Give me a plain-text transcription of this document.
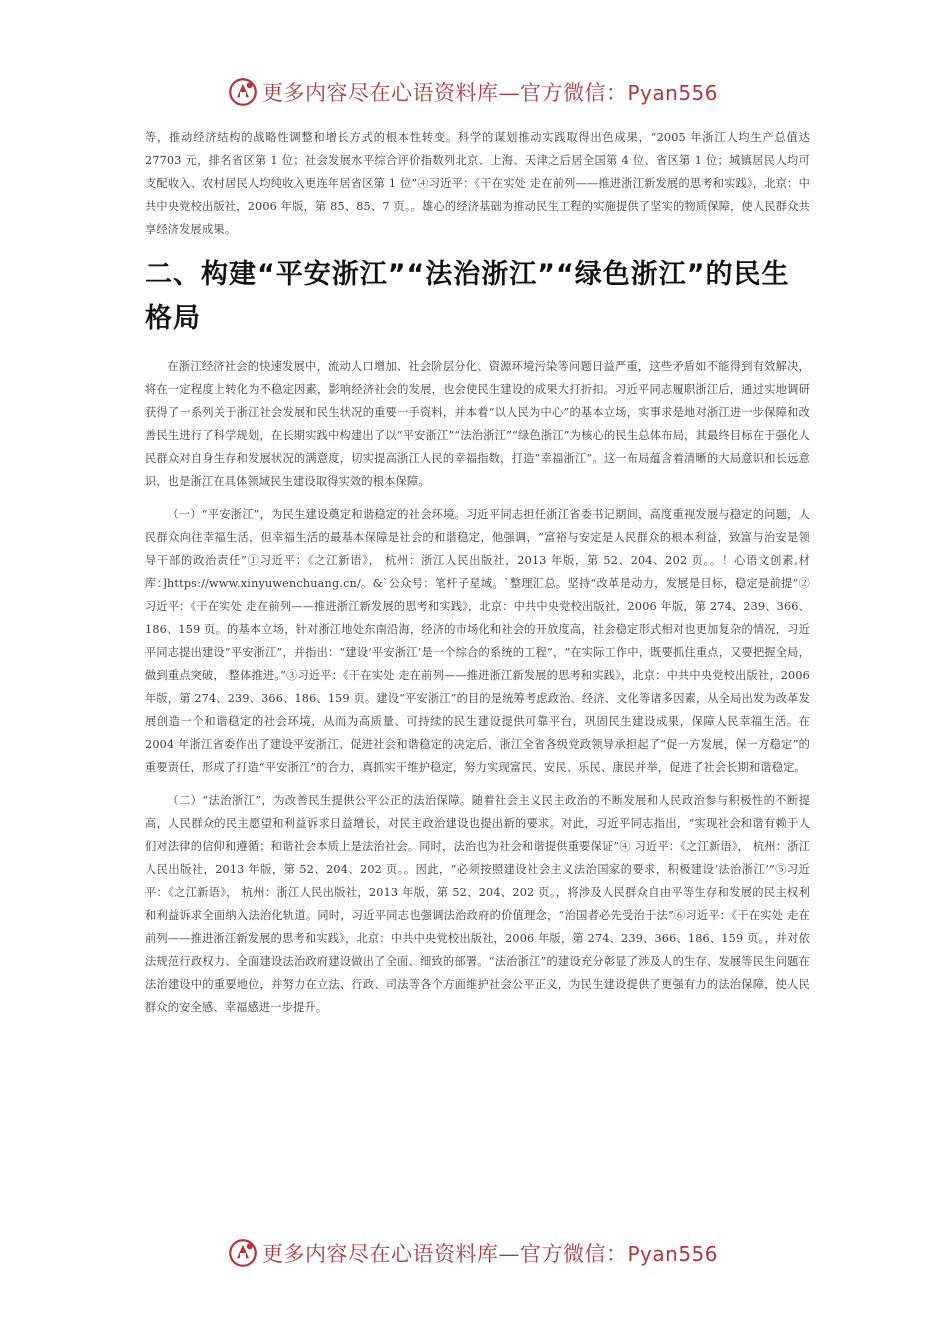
更多内容尽在心语资料库—官方微信：Pyan556

等，推动经济结构的战略性调整和增长方式的根本性转变。科学的谋划推动实践取得出色成果，“2005 年浙江人均生产总值达 27703 元，排名省区第 1 位；社会发展水平综合评价指数列北京、上海、天津之后居全国第 4 位、省区第 1 位；城镇居民人均可支配收入、农村居民人均纯收入更连年居省区第 1 位”④习近平：《干在实处 走在前列——推进浙江新发展的思考和实践》，北京：中共中央党校出版社，2006 年版，第 85、85、7 页。。雄心的经济基础为推动民生工程的实施提供了坚实的物质保障，使人民群众共享经济发展成果。

二、构建“平安浙江”“法治浙江”“绿色浙江”的民生格局

在浙江经济社会的快速发展中，流动人口增加、社会阶层分化、资源环境污染等问题日益严重，这些矛盾如不能得到有效解决，将在一定程度上转化为不稳定因素，影响经济社会的发展，也会使民生建设的成果大打折扣。习近平同志履职浙江后，通过实地调研获得了一系列关于浙江社会发展和民生状况的重要一手资料，并本着“以人民为中心”的基本立场，实事求是地对浙江进一步保障和改善民生进行了科学规划，在长期实践中构建出了以“平安浙江”“法治浙江”“绿色浙江”为核心的民生总体布局，其最终目标在于强化人民群众对自身生存和发展状况的满意度，切实提高浙江人民的幸福指数，打造“幸福浙江”。这一布局蕴含着清晰的大局意识和长远意识，也是浙江在具体领域民生建设取得实效的根本保障。

（一）“平安浙江”，为民生建设奠定和谐稳定的社会环境。习近平同志担任浙江省委书记期间，高度重视发展与稳定的问题，人民群众向往幸福生活，但幸福生活的最基本保障是社会的和谐稳定，他强调，“富裕与安定是人民群众的根本利益，致富与治安是领导干部的政治责任”①习近平：《之江新语》， 杭州：浙江人民出版社，2013 年版，第 52、204、202 页。。！心语文创素,材库：]https://www.xinyuwenchuang.cn/。&`公众号：笔杆子星域。`整理汇总。坚持“改革是动力，发展是目标，稳定是前提”②习近平：《干在实处 走在前列——推进浙江新发展的思考和实践》，北京：中共中央党校出版社，2006 年版，第 274、239、366、186、159 页。的基本立场，针对浙江地处东南沿海，经济的市场化和社会的开放度高，社会稳定形式相对也更加复杂的情况，习近平同志提出建设“平安浙江”，并指出：“建设‘平安浙江’是一个综合的系统的工程”，“在实际工作中，既要抓住重点，又要把握全局，做到重点突破， 整体推进。”③习近平：《干在实处 走在前列——推进浙江新发展的思考和实践》，北京：中共中央党校出版社，2006 年版，第 274、239、366、186、159 页。建设“平安浙江”的目的是统筹考虑政治、经济、文化等诸多因素，从全局出发为改革发展创造一个和谐稳定的社会环境，从而为高质量、可持续的民生建设提供可靠平台，巩固民生建设成果，保障人民幸福生活。在 2004 年浙江省委作出了建设平安浙江、促进社会和谐稳定的决定后，浙江全省各级党政领导承担起了“促一方发展，保一方稳定”的重要责任，形成了打造“平安浙江”的合力，真抓实干维护稳定，努力实现富民、安民、乐民、康民并举，促进了社会长期和谐稳定。

（二）“法治浙江”，为改善民生提供公平公正的法治保障。随着社会主义民主政治的不断发展和人民政治参与积极性的不断提高，人民群众的民主愿望和利益诉求日益增长，对民主政治建设也提出新的要求。对此，习近平同志指出，“实现社会和谐有赖于人们对法律的信仰和遵循；和谐社会本质上是法治社会。同时，法治也为社会和谐提供重要保证”④ 习近平：《之江新语》， 杭州：浙江人民出版社，2013 年版，第 52、204、202 页。。因此，“必须按照建设社会主义法治国家的要求，积极建设‘法治浙江’”⑤习近平：《之江新语》， 杭州：浙江人民出版社，2013 年版，第 52、204、202 页。，将涉及人民群众自由平等生存和发展的民主权利和利益诉求全面纳入法治化轨道。同时，习近平同志也强调法治政府的价值理念，“治国者必先受治于法”⑥习近平：《干在实处 走在前列——推进浙江新发展的思考和实践》，北京：中共中央党校出版社，2006 年版，第 274、239、366、186、159 页。，并对依法规范行政权力、全面建设法治政府建设做出了全面、细致的部署。“法治浙江”的建设充分彰显了涉及人的生存、发展等民生问题在法治建设中的重要地位，并努力在立法、行政、司法等各个方面维护社会公平正义，为民生建设提供了更强有力的法治保障，使人民群众的安全感、幸福感进一步提升。

更多内容尽在心语资料库—官方微信：Pyan556
